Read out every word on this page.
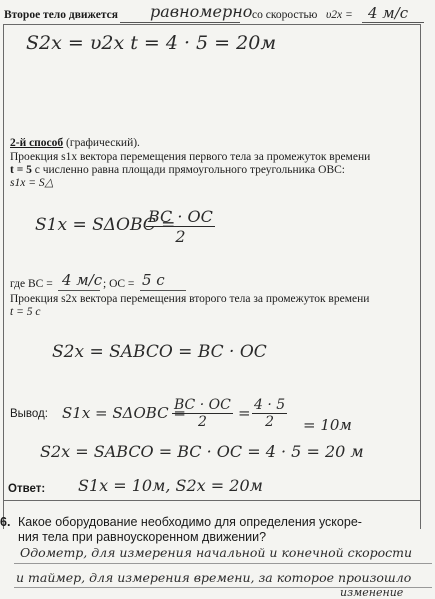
Второе тело движется равномерно со скоростью υ2x = 4 м/с
S2x = υ2x t = 4 · 5 = 20м
2-й способ (графический).
Проекция s1x вектора перемещения первого тела за промежуток времени
t = 5 с численно равна площади прямоугольного треугольника OBC:
s1x = S△
S1x = SΔOBC =
$\frac{BC \cdot OC}{2}$
где BC = 4 м/с ; OC = 5 с
Проекция s2x вектора перемещения второго тела за промежуток времени
t = 5 с
S2x = SABCO = BC · OC
Вывод: S1x = SΔOBC =
$\frac{BC \cdot OC}{2} = \frac{4 \cdot 5}{2} = 10м$
S2x = SABCO = BC · OC = 4 · 5 = 20 м
Ответ: S1x = 10м, S2x = 20м
6. Какое оборудование необходимо для определения ускоре-
ния тела при равноускоренном движении?
Одометр, для измерения начальной и конечной скорости
и таймер, для измерения времени, за которое произошло
изменение
